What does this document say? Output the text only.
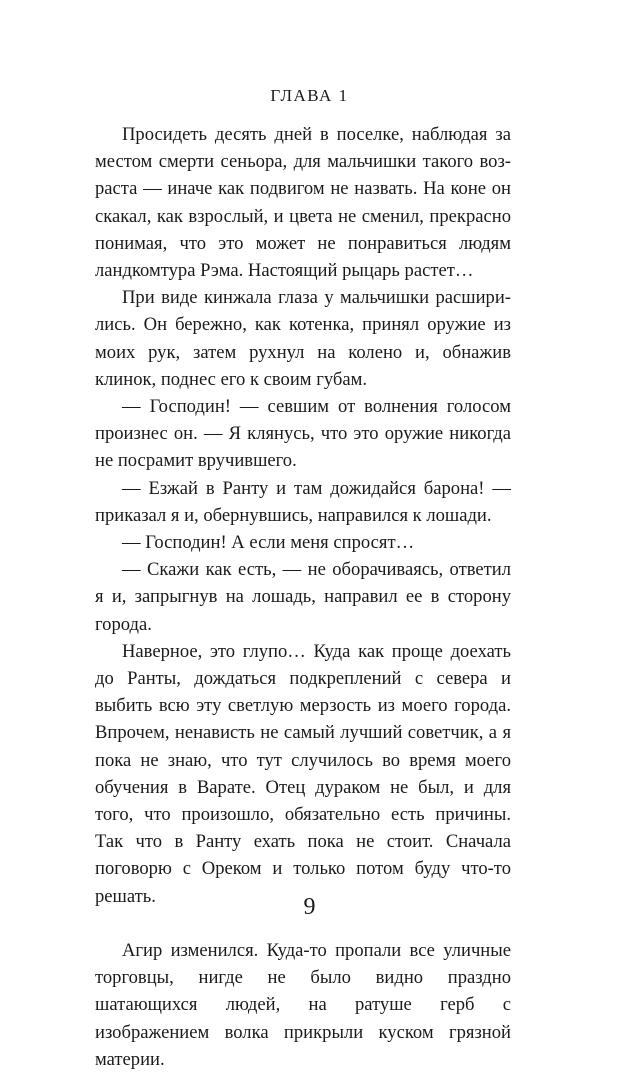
ГЛАВА 1

Просидеть десять дней в поселке, наблюдая за местом смерти сеньора, для мальчишки такого возраста — иначе как подвигом не назвать. На коне он скакал, как взрослый, и цвета не сменил, прекрасно понимая, что это может не понравиться людям ландкомтура Рэма. Настоящий рыцарь растет…

При виде кинжала глаза у мальчишки расширились. Он бережно, как котенка, принял оружие из моих рук, затем рухнул на колено и, обнажив клинок, поднес его к своим губам.

— Господин! — севшим от волнения голосом произнес он. — Я клянусь, что это оружие никогда не посрамит вручившего.

— Езжай в Ранту и там дожидайся барона! — приказал я и, обернувшись, направился к лошади.

— Господин! А если меня спросят…

— Скажи как есть, — не оборачиваясь, ответил я и, запрыгнув на лошадь, направил ее в сторону города.

Наверное, это глупо… Куда как проще доехать до Ранты, дождаться подкреплений с севера и выбить всю эту светлую мерзость из моего города. Впрочем, ненависть не самый лучший советчик, а я пока не знаю, что тут случилось во время моего обучения в Варате. Отец дураком не был, и для того, что произошло, обязательно есть причины. Так что в Ранту ехать пока не стоит. Сначала поговорю с Ореком и только потом буду что-то решать.

Агир изменился. Куда-то пропали все уличные торговцы, нигде не было видно праздно шатающихся людей, на ратуше герб с изображением волка прикрыли куском грязной материи.

9
